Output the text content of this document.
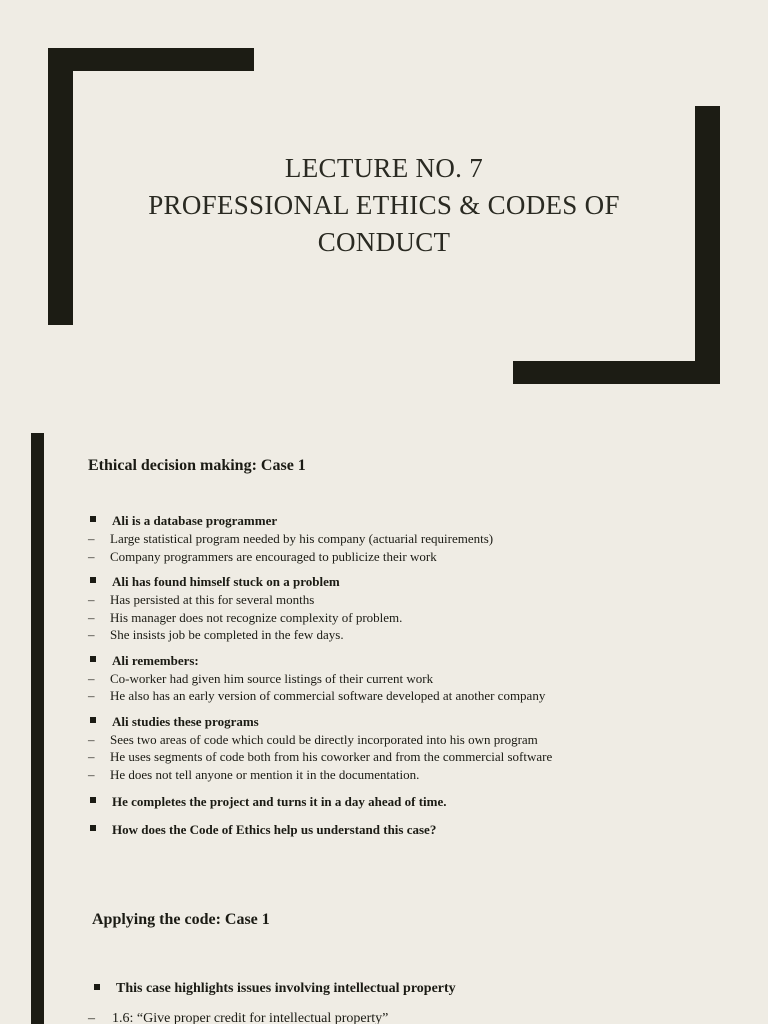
LECTURE NO. 7
PROFESSIONAL ETHICS & CODES OF
CONDUCT
Ethical decision making: Case 1
Ali is a database programmer
– Large statistical program needed by his company (actuarial requirements)
– Company programmers are encouraged to publicize their work
Ali has found himself stuck on a problem
– Has persisted at this for several months
– His manager does not recognize complexity of problem.
– She insists job be completed in the few days.
Ali remembers:
– Co-worker had given him source listings of their current work
– He also has an early version of commercial software developed at another company
Ali studies these programs
– Sees two areas of code which could be directly incorporated into his own program
– He uses segments of code both from his coworker and from the commercial software
– He does not tell anyone or mention it in the documentation.
He completes the project and turns it in a day ahead of time.
How does the Code of Ethics help us understand this case?
Applying the code: Case 1
This case highlights issues involving intellectual property
– 1.6: “Give proper credit for intellectual property”
